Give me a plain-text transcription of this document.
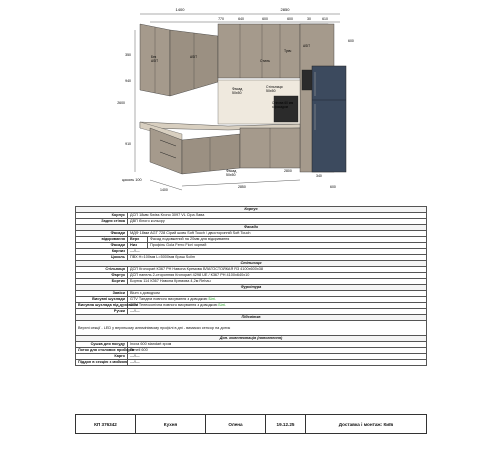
1400	2850
770	640	600	600	30	610
600
350
940
2600
910
цоколь 100
Без
ASIT
ASIT
Стиль
Туяч
ASIT
Фасад
50x50
Стільниця
50x50
Стінова 60 мм
з фасадом
Фасад
50x50
2800
340
1400
2850	600
Корпус		
Корпус	ДСП 18мм Swiss Krono 3097 VL Сіра Лава	
Задня стінка	ДВП білого кольору	
Фасади		
Фасади	МДФ 18мм AGT 728 Сірий шовк Soft Touch \ двосторонній Soft Touch	
відкривання	Верх	Фасад подовжений на 20мм для відкривання
Фасади	Низ	Профіль Gola Ferro Fiori чорний
Карниз	—//—	
Цоколь	ПВХ Н=100мм L=5000мм браш Scilm	
Стільниця		
Стільниця	ДСП Кronopart К367 РН Навона Кремова ВЛАГОСТОЙКАЯ R3 4100х600х38	
Фартук	ДСП панель 2-сторонняя Кronopart 4298 UE / К367 РН 4100х640х10	
Бортик	Бортик 114 К367 Навона Кремова 4,2м Rehau	
Фурнітура		
Завіси	Blum з доводчом	
Висувні шухляди	GTV Тандем повного висування з доводкою Білі.	
Висувна шухляда під духовкою	GTV Телескопічна повного висування з доводкою Білі.	
Ручки	—//—	
Підсвітка		
Верхні секції - LED у верхньому алюмінієвому профілі в дні - вимикач сенсор на дотик		
Доп. комплектація (наповнення)		
Сушка для посуду	Inoxa 600 standart хром	
Лоток для столових приборів	Eimell 600	
Карго	—//—	
Піддон в секцію з мийкою	—//—	
КП 376342	Кухня	Олена	19.12.25	Доставка і монтаж: Київ
